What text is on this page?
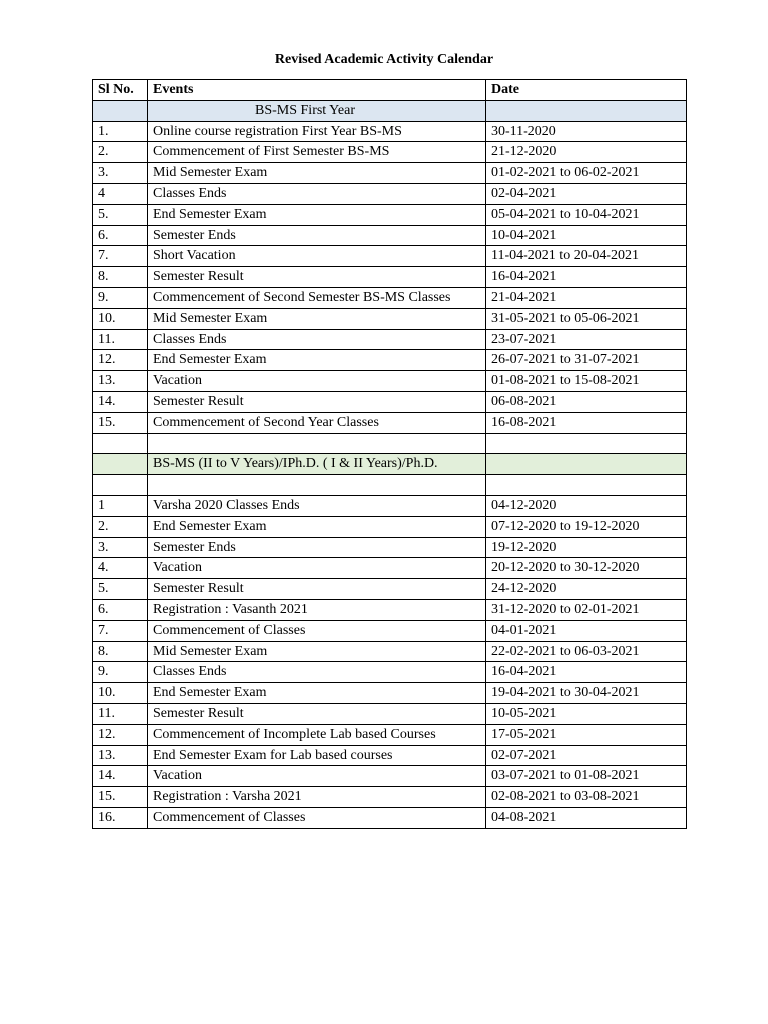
Revised Academic Activity Calendar
Sl No.	Events	Date
	BS-MS First Year	
1.	Online course registration First Year BS-MS	30-11-2020
2.	Commencement of First Semester BS-MS	21-12-2020
3.	Mid Semester Exam	01-02-2021 to 06-02-2021
4	Classes Ends	02-04-2021
5.	End Semester Exam	05-04-2021 to 10-04-2021
6.	Semester Ends	10-04-2021
7.	Short Vacation	11-04-2021 to 20-04-2021
8.	Semester Result	16-04-2021
9.	Commencement of Second Semester BS-MS Classes	21-04-2021
10.	Mid Semester Exam	31-05-2021 to 05-06-2021
11.	Classes Ends	23-07-2021
12.	End Semester Exam	26-07-2021 to 31-07-2021
13.	Vacation	01-08-2021 to 15-08-2021
14.	Semester Result	06-08-2021
15.	Commencement of Second Year Classes	16-08-2021

	BS-MS (II to V Years)/IPh.D. ( I & II Years)/Ph.D.	

1	Varsha 2020 Classes Ends	04-12-2020
2.	End Semester Exam	07-12-2020 to 19-12-2020
3.	Semester Ends	19-12-2020
4.	Vacation	20-12-2020 to 30-12-2020
5.	Semester Result	24-12-2020
6.	Registration : Vasanth 2021	31-12-2020 to 02-01-2021
7.	Commencement of Classes	04-01-2021
8.	Mid Semester Exam	22-02-2021 to 06-03-2021
9.	Classes Ends	16-04-2021
10.	End Semester Exam	19-04-2021 to 30-04-2021
11.	Semester Result	10-05-2021
12.	Commencement of Incomplete Lab based Courses	17-05-2021
13.	End Semester Exam for Lab based courses	02-07-2021
14.	Vacation	03-07-2021 to 01-08-2021
15.	Registration : Varsha 2021	02-08-2021 to 03-08-2021
16.	Commencement of Classes	04-08-2021
